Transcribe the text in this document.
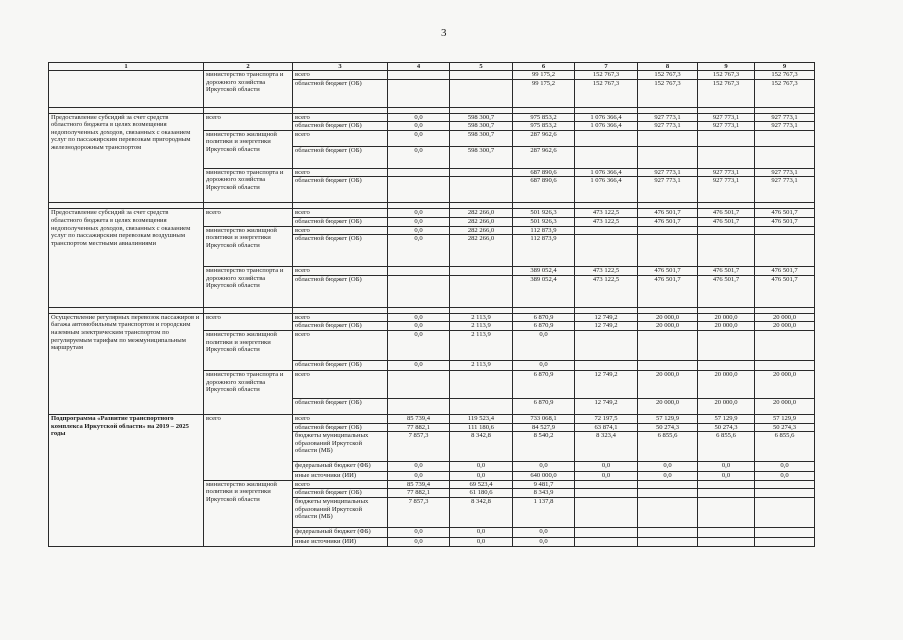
3
1	2	3	4	5	6	7	8	9	9
	министерство транспорта и дорожного хозяйства Иркутской области	всего			99 175,2	152 767,3	152 767,3	152 767,3	152 767,3
		областной бюджет (ОБ)			99 175,2	152 767,3	152 767,3	152 767,3	152 767,3

Предоставление субсидий за счет средств областного бюджета в целях возмещения недополученных доходов, связанных с оказанием услуг по пассажирским перевозкам пригородным железнодорожным транспортом	всего	всего	0,0	598 300,7	975 853,2	1 076 366,4	927 773,1	927 773,1	927 773,1
		областной бюджет (ОБ)	0,0	598 300,7	975 853,2	1 076 366,4	927 773,1	927 773,1	927 773,1
	министерство жилищной политики и энергетики Иркутской области	всего	0,0	598 300,7	287 962,6				
		областной бюджет (ОБ)	0,0	598 300,7	287 962,6				
	министерство транспорта и дорожного хозяйства Иркутской области	всего			687 890,6	1 076 366,4	927 773,1	927 773,1	927 773,1
		областной бюджет (ОБ)			687 890,6	1 076 366,4	927 773,1	927 773,1	927 773,1

Предоставление субсидий за счет средств областного бюджета в целях возмещения недополученных доходов, связанных с оказанием услуг по пассажирским перевозкам воздушным транспортом местными авиалиниями	всего	всего	0,0	282 266,0	501 926,3	473 122,5	476 501,7	476 501,7	476 501,7
		областной бюджет (ОБ)	0,0	282 266,0	501 926,3	473 122,5	476 501,7	476 501,7	476 501,7
	министерство жилищной политики и энергетики Иркутской области	всего	0,0	282 266,0	112 873,9				
		областной бюджет (ОБ)	0,0	282 266,0	112 873,9				
	министерство транспорта и дорожного хозяйства Иркутской области	всего			389 052,4	473 122,5	476 501,7	476 501,7	476 501,7
		областной бюджет (ОБ)			389 052,4	473 122,5	476 501,7	476 501,7	476 501,7

Осуществление регулярных перевозок пассажиров и багажа автомобильным транспортом и городским наземным электрическим транспортом по регулируемым тарифам по межмуниципальным маршрутам	всего	всего	0,0	2 113,9	6 870,9	12 749,2	20 000,0	20 000,0	20 000,0
		областной бюджет (ОБ)	0,0	2 113,9	6 870,9	12 749,2	20 000,0	20 000,0	20 000,0
	министерство жилищной политики и энергетики Иркутской области	всего	0,0	2 113,9	0,0				
		областной бюджет (ОБ)	0,0	2 113,9	0,0				
	министерство транспорта и дорожного хозяйства Иркутской области	всего			6 870,9	12 749,2	20 000,0	20 000,0	20 000,0
		областной бюджет (ОБ)			6 870,9	12 749,2	20 000,0	20 000,0	20 000,0
Подпрограмма «Развитие транспортного комплекса Иркутской области» на 2019 – 2025 годы	всего	всего	85 739,4	119 523,4	733 068,1	72 197,5	57 129,9	57 129,9	57 129,9
		областной бюджет (ОБ)	77 882,1	111 180,6	84 527,9	63 874,1	50 274,3	50 274,3	50 274,3
		бюджеты муниципальных образований Иркутской области (МБ)	7 857,3	8 342,8	8 540,2	8 323,4	6 855,6	6 855,6	6 855,6
		федеральный бюджет (ФБ)	0,0	0,0	0,0	0,0	0,0	0,0	0,0
		иные источники (ИИ)	0,0	0,0	640 000,0	0,0	0,0	0,0	0,0
	министерство жилищной политики и энергетики Иркутской области	всего	85 739,4	69 523,4	9 481,7				
		областной бюджет (ОБ)	77 882,1	61 180,6	8 343,9				
		бюджеты муниципальных образований Иркутской области (МБ)	7 857,3	8 342,8	1 137,8				
		федеральный бюджет (ФБ)	0,0	0,0	0,0				
		иные источники (ИИ)	0,0	0,0	0,0				
